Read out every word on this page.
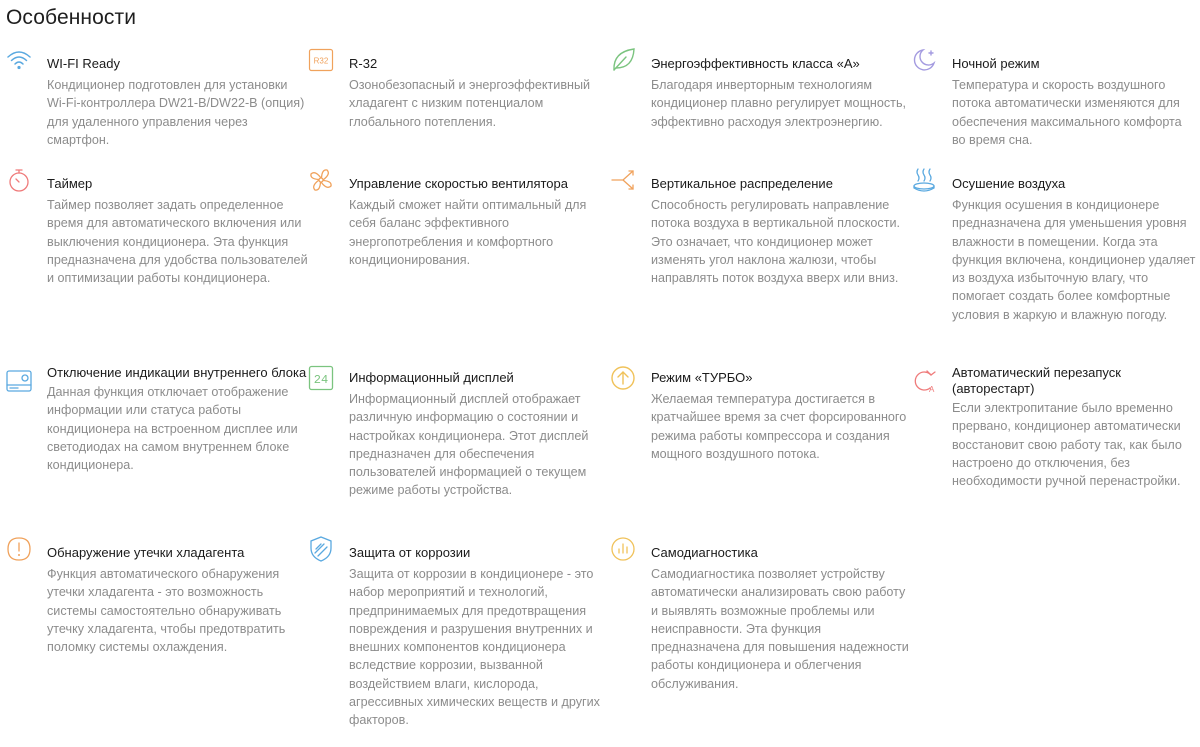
Особенности
WI-FI Ready

Кондиционер подготовлен для установки Wi-Fi-контроллера DW21-B/DW22-B (опция) для удаленного управления через смартфон.

R32 R-32

Озонобезопасный и энергоэффективный хладагент с низким потенциалом глобального потепления.

Энергоэффективность класса «А»

Благодаря инверторным технологиям кондиционер плавно регулирует мощность, эффективно расходуя электроэнергию.

Ночной режим

Температура и скорость воздушного потока автоматически изменяются для обеспечения максимального комфорта во время сна.

Таймер

Таймер позволяет задать определенное время для автоматического включения или выключения кондиционера. Эта функция предназначена для удобства пользователей и оптимизации работы кондиционера.

Управление скоростью вентилятора

Каждый сможет найти оптимальный для себя баланс эффективного энергопотребления и комфортного кондиционирования.

Вертикальное распределение

Способность регулировать направление потока воздуха в вертикальной плоскости. Это означает, что кондиционер может изменять угол наклона жалюзи, чтобы направлять поток воздуха вверх или вниз.

Осушение воздуха

Функция осушения в кондиционере предназначена для уменьшения уровня влажности в помещении. Когда эта функция включена, кондиционер удаляет из воздуха избыточную влагу, что помогает создать более комфортные условия в жаркую и влажную погоду.

Отключение индикации внутреннего блока

Данная функция отключает отображение информации или статуса работы кондиционера на встроенном дисплее или светодиодах на самом внутреннем блоке кондиционера.

24 Информационный дисплей

Информационный дисплей отображает различную информацию о состоянии и настройках кондиционера. Этот дисплей предназначен для обеспечения пользователей информацией о текущем режиме работы устройства.

Режим «ТУРБО»

Желаемая температура достигается в кратчайшее время за счет форсированного режима работы компрессора и создания мощного воздушного потока.

A
Автоматический перезапуск (авторестарт)

Если электропитание было временно прервано, кондиционер автоматически восстановит свою работу так, как было настроено до отключения, без необходимости ручной перенастройки.

Обнаружение утечки хладагента

Функция автоматического обнаружения утечки хладагента - это возможность системы самостоятельно обнаруживать утечку хладагента, чтобы предотвратить поломку системы охлаждения.

Защита от коррозии

Защита от коррозии в кондиционере - это набор мероприятий и технологий, предпринимаемых для предотвращения повреждения и разрушения внутренних и внешних компонентов кондиционера вследствие коррозии, вызванной воздействием влаги, кислорода, агрессивных химических веществ и других факторов.

Самодиагностика

Самодиагностика позволяет устройству автоматически анализировать свою работу и выявлять возможные проблемы или неисправности. Эта функция предназначена для повышения надежности работы кондиционера и облегчения обслуживания.
